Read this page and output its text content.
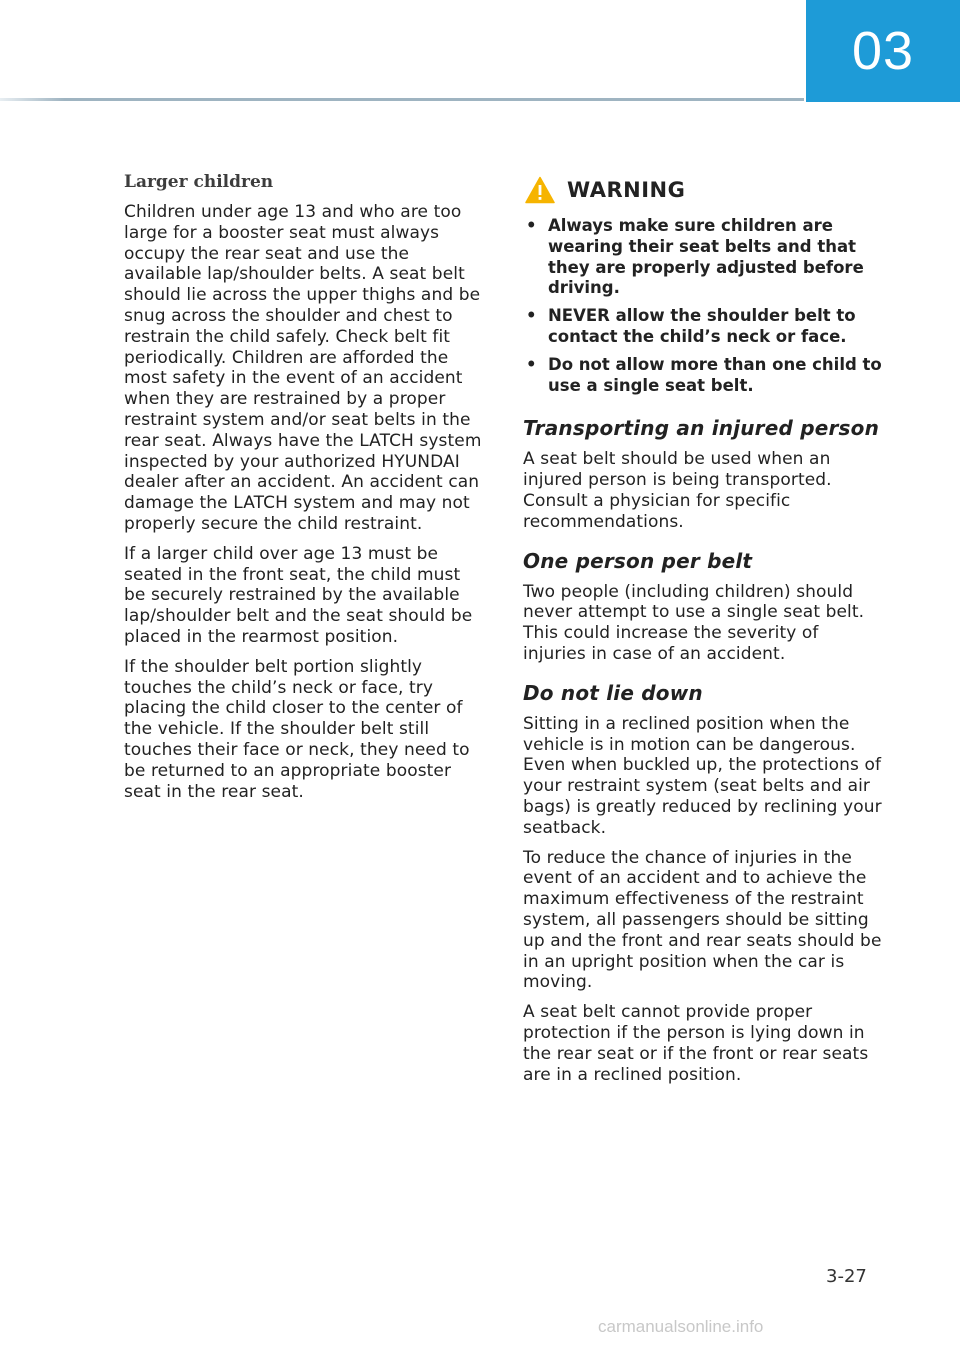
03
Larger children

Children under age 13 and who are too large for a booster seat must always occupy the rear seat and use the available lap/shoulder belts. A seat belt should lie across the upper thighs and be snug across the shoulder and chest to restrain the child safely. Check belt fit periodically. Children are afforded the most safety in the event of an accident when they are restrained by a proper restraint system and/or seat belts in the rear seat. Always have the LATCH system inspected by your authorized HYUNDAI dealer after an accident. An accident can damage the LATCH system and may not properly secure the child restraint.

If a larger child over age 13 must be seated in the front seat, the child must be securely restrained by the available lap/shoulder belt and the seat should be placed in the rearmost position.

If the shoulder belt portion slightly touches the child’s neck or face, try placing the child closer to the center of the vehicle. If the shoulder belt still touches their face or neck, they need to be returned to an appropriate booster seat in the rear seat.

WARNING
• Always make sure children are wearing their seat belts and that they are properly adjusted before driving.
• NEVER allow the shoulder belt to contact the child’s neck or face.
• Do not allow more than one child to use a single seat belt.
Transporting an injured person

A seat belt should be used when an injured person is being transported. Consult a physician for specific recommendations.

One person per belt

Two people (including children) should never attempt to use a single seat belt. This could increase the severity of injuries in case of an accident.

Do not lie down

Sitting in a reclined position when the vehicle is in motion can be dangerous. Even when buckled up, the protections of your restraint system (seat belts and air bags) is greatly reduced by reclining your seatback.

To reduce the chance of injuries in the event of an accident and to achieve the maximum effectiveness of the restraint system, all passengers should be sitting up and the front and rear seats should be in an upright position when the car is moving.

A seat belt cannot provide proper protection if the person is lying down in the rear seat or if the front or rear seats are in a reclined position.

3-27
carmanualsonline.info
